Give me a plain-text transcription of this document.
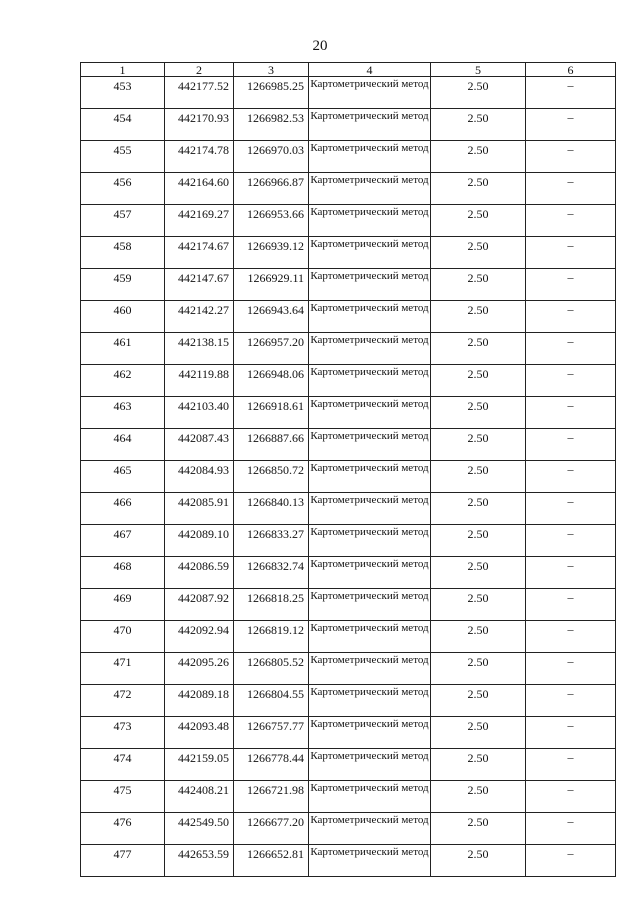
20
1	2	3	4	5	6
453	442177.52	1266985.25	Картометрический метод	2.50	–
454	442170.93	1266982.53	Картометрический метод	2.50	–
455	442174.78	1266970.03	Картометрический метод	2.50	–
456	442164.60	1266966.87	Картометрический метод	2.50	–
457	442169.27	1266953.66	Картометрический метод	2.50	–
458	442174.67	1266939.12	Картометрический метод	2.50	–
459	442147.67	1266929.11	Картометрический метод	2.50	–
460	442142.27	1266943.64	Картометрический метод	2.50	–
461	442138.15	1266957.20	Картометрический метод	2.50	–
462	442119.88	1266948.06	Картометрический метод	2.50	–
463	442103.40	1266918.61	Картометрический метод	2.50	–
464	442087.43	1266887.66	Картометрический метод	2.50	–
465	442084.93	1266850.72	Картометрический метод	2.50	–
466	442085.91	1266840.13	Картометрический метод	2.50	–
467	442089.10	1266833.27	Картометрический метод	2.50	–
468	442086.59	1266832.74	Картометрический метод	2.50	–
469	442087.92	1266818.25	Картометрический метод	2.50	–
470	442092.94	1266819.12	Картометрический метод	2.50	–
471	442095.26	1266805.52	Картометрический метод	2.50	–
472	442089.18	1266804.55	Картометрический метод	2.50	–
473	442093.48	1266757.77	Картометрический метод	2.50	–
474	442159.05	1266778.44	Картометрический метод	2.50	–
475	442408.21	1266721.98	Картометрический метод	2.50	–
476	442549.50	1266677.20	Картометрический метод	2.50	–
477	442653.59	1266652.81	Картометрический метод	2.50	–
